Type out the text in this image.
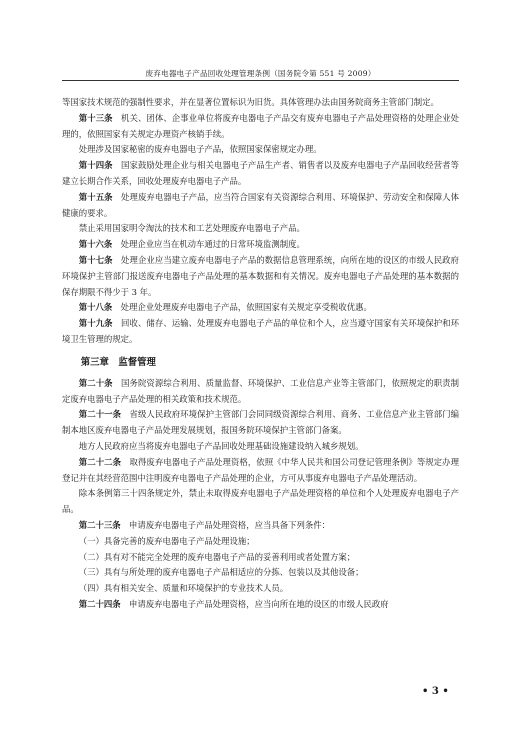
废弃电器电子产品回收处理管理条例（国务院令第 551 号 2009）

等国家技术规范的强制性要求，并在显著位置标识为旧货。具体管理办法由国务院商务主管部门制定。

第十三条  机关、团体、企事业单位将废弃电器电子产品交有废弃电器电子产品处理资格的处理企业处理的，依照国家有关规定办理资产核销手续。

处理涉及国家秘密的废弃电器电子产品，依照国家保密规定办理。

第十四条  国家鼓励处理企业与相关电器电子产品生产者、销售者以及废弃电器电子产品回收经营者等建立长期合作关系，回收处理废弃电器电子产品。

第十五条  处理废弃电器电子产品，应当符合国家有关资源综合利用、环境保护、劳动安全和保障人体健康的要求。

禁止采用国家明令淘汰的技术和工艺处理废弃电器电子产品。

第十六条  处理企业应当在机动车通过的日常环境监测制度。

第十七条  处理企业应当建立废弃电器电子产品的数据信息管理系统，向所在地的设区的市级人民政府环境保护主管部门报送废弃电器电子产品处理的基本数据和有关情况。废弃电器电子产品处理的基本数据的保存期限不得少于 3 年。

第十八条  处理企业处理废弃电器电子产品，依照国家有关规定享受税收优惠。

第十九条  回收、储存、运输、处理废弃电器电子产品的单位和个人，应当遵守国家有关环境保护和环境卫生管理的规定。

第三章  监督管理

第二十条  国务院资源综合利用、质量监督、环境保护、工业信息产业等主管部门，依照规定的职责制定废弃电器电子产品处理的相关政策和技术规范。

第二十一条  省级人民政府环境保护主管部门会同同级资源综合利用、商务、工业信息产业主管部门编制本地区废弃电器电子产品处理发展规划，报国务院环境保护主管部门备案。

地方人民政府应当将废弃电器电子产品回收处理基础设施建设纳入城乡规划。

第二十二条  取得废弃电器电子产品处理资格，依照《中华人民共和国公司登记管理条例》等规定办理登记并在其经营范围中注明废弃电器电子产品处理的企业，方可从事废弃电器电子产品处理活动。

除本条例第三十四条规定外，禁止未取得废弃电器电子产品处理资格的单位和个人处理废弃电器电子产品。

第二十三条  申请废弃电器电子产品处理资格，应当具备下列条件：

（一）具备完善的废弃电器电子产品处理设施；

（二）具有对不能完全处理的废弃电器电子产品的妥善利用或者处置方案；

（三）具有与所处理的废弃电器电子产品相适应的分拣、包装以及其他设备；

（四）具有相关安全、质量和环境保护的专业技术人员。

第二十四条  申请废弃电器电子产品处理资格，应当向所在地的设区的市级人民政府

• 3 •
